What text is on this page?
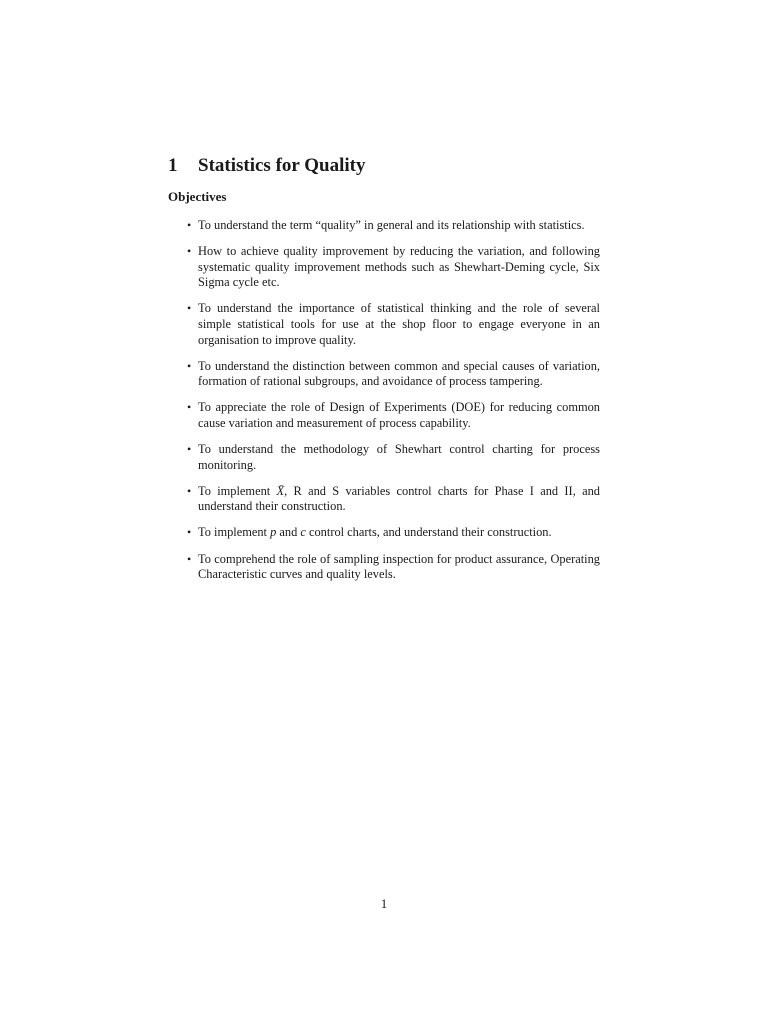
1 Statistics for Quality
Objectives
• To understand the term “quality” in general and its relationship with statistics.
• How to achieve quality improvement by reducing the variation, and following systematic quality improvement methods such as Shewhart-Deming cycle, Six Sigma cycle etc.
• To understand the importance of statistical thinking and the role of several simple statistical tools for use at the shop floor to engage everyone in an organisation to improve quality.
• To understand the distinction between common and special causes of variation, formation of rational subgroups, and avoidance of process tampering.
• To appreciate the role of Design of Experiments (DOE) for reducing common cause variation and measurement of process capability.
• To understand the methodology of Shewhart control charting for process monitoring.
• To implement X̄, R and S variables control charts for Phase I and II, and understand their construction.
• To implement p and c control charts, and understand their construction.
• To comprehend the role of sampling inspection for product assurance, Operating Characteristic curves and quality levels.
1
